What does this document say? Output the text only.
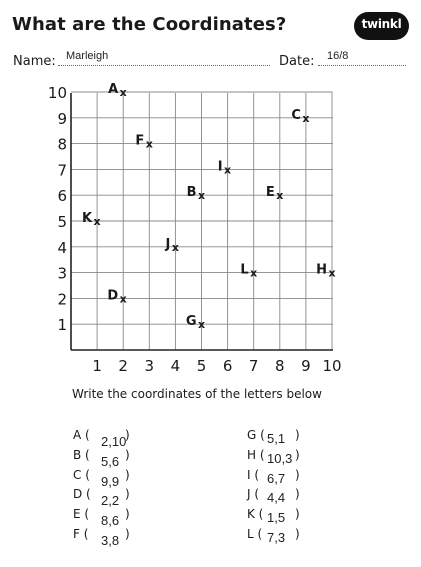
What are the Coordinates?	twinkl
Name: Marleigh	Date: 16/8
1 2 3 4 5 6 7 8 9 10
1
2
3
4
5
6
7
8
9
10	x
A
x
B
x
C
x
D
x
E
x
F
x
G
x
H
x
I
x
J
x
K
x
L
Write the coordinates of the letters below
A (	)
2,10
B (	)
5,6
C (	)
9,9
D (	)
2,2
E (	)
8,6
F (	)
3,8
G (	)
5,1
H (	)
10,3
I (	)
6,7
J (	)
4,4
K (	)
1,5
L (	)
7,3
